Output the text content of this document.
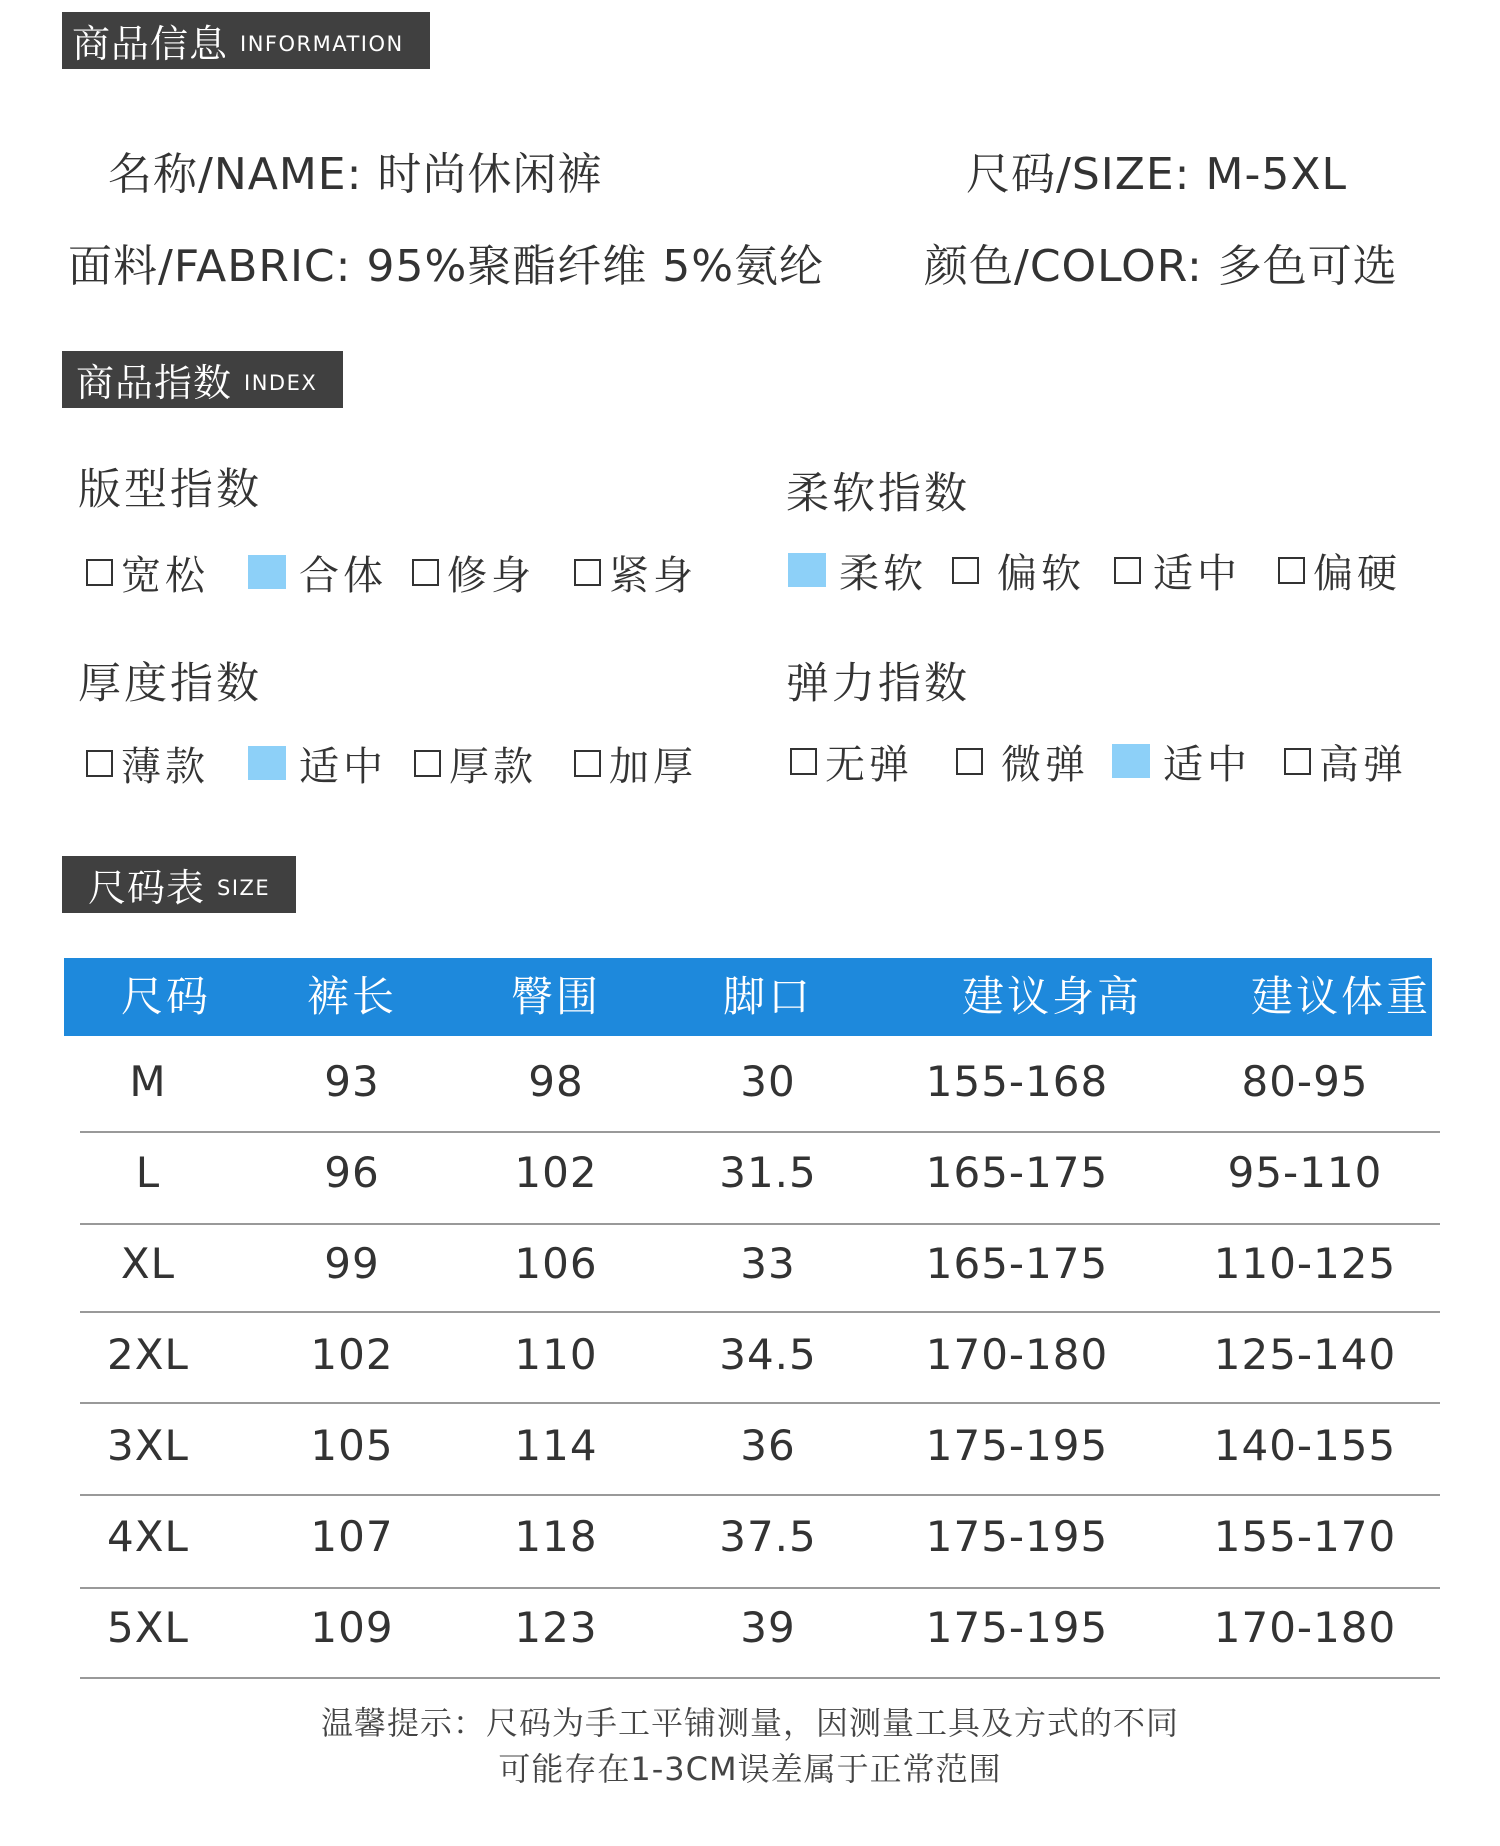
商品信息 INFORMATION
名称/NAME: 时尚休闲裤	尺码/SIZE: M-5XL
面料/FABRIC: 95%聚酯纤维 5%氨纶 颜色/COLOR: 多色可选
商品指数 INDEX
版型指数	柔软指数
厚度指数	弹力指数
宽松 合体 修身 紧身	柔软 偏软 适中 偏硬
薄款 适中 厚款 加厚	无弹 微弹 适中 高弹
尺码表 SIZE
尺码	裤长	臀围	脚口	建议身高	建议体重
M	93	98	30	155-168	80-95
L	96	102	31.5	165-175	95-110
XL	99	106	33	165-175	110-125
2XL	102	110	34.5	170-180	125-140
3XL	105	114	36	175-195	140-155
4XL	107	118	37.5	175-195	155-170
5XL	109	123	39	175-195	170-180
温馨提示：尺码为手工平铺测量，因测量工具及方式的不同
可能存在1-3CM误差属于正常范围
